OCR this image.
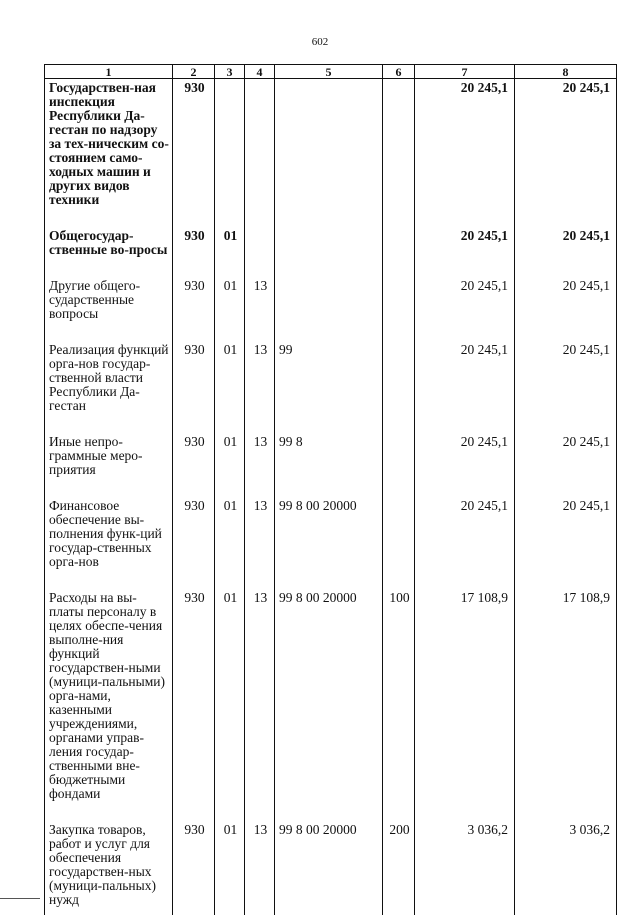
602
1	2	3	4	5	6	7	8
Государствен-ная инспекция Республики Да-гестан по надзору за тех-ническим со-стоянием само-ходных машин и других видов техники	930					20 245,1	20 245,1
Общегосудар-ственные во-просы	930	01				20 245,1	20 245,1
Другие общего-сударственные вопросы	930	01	13			20 245,1	20 245,1
Реализация функций орга-нов государ-ственной власти Республики Да-гестан	930	01	13	99		20 245,1	20 245,1
Иные непро-граммные меро-приятия	930	01	13	99 8		20 245,1	20 245,1
Финансовое обеспечение вы-полнения функ-ций государ-ственных орга-нов	930	01	13	99 8 00 20000		20 245,1	20 245,1
Расходы на вы-платы персоналу в целях обеспе-чения выполне-ния функций государствен-ными (муници-пальными) орга-нами, казенными учреждениями, органами управ-ления государ-ственными вне-бюджетными фондами	930	01	13	99 8 00 20000	100	17 108,9	17 108,9
Закупка товаров, работ и услуг для обеспечения государствен-ных (муници-пальных) нужд	930	01	13	99 8 00 20000	200	3 036,2	3 036,2
